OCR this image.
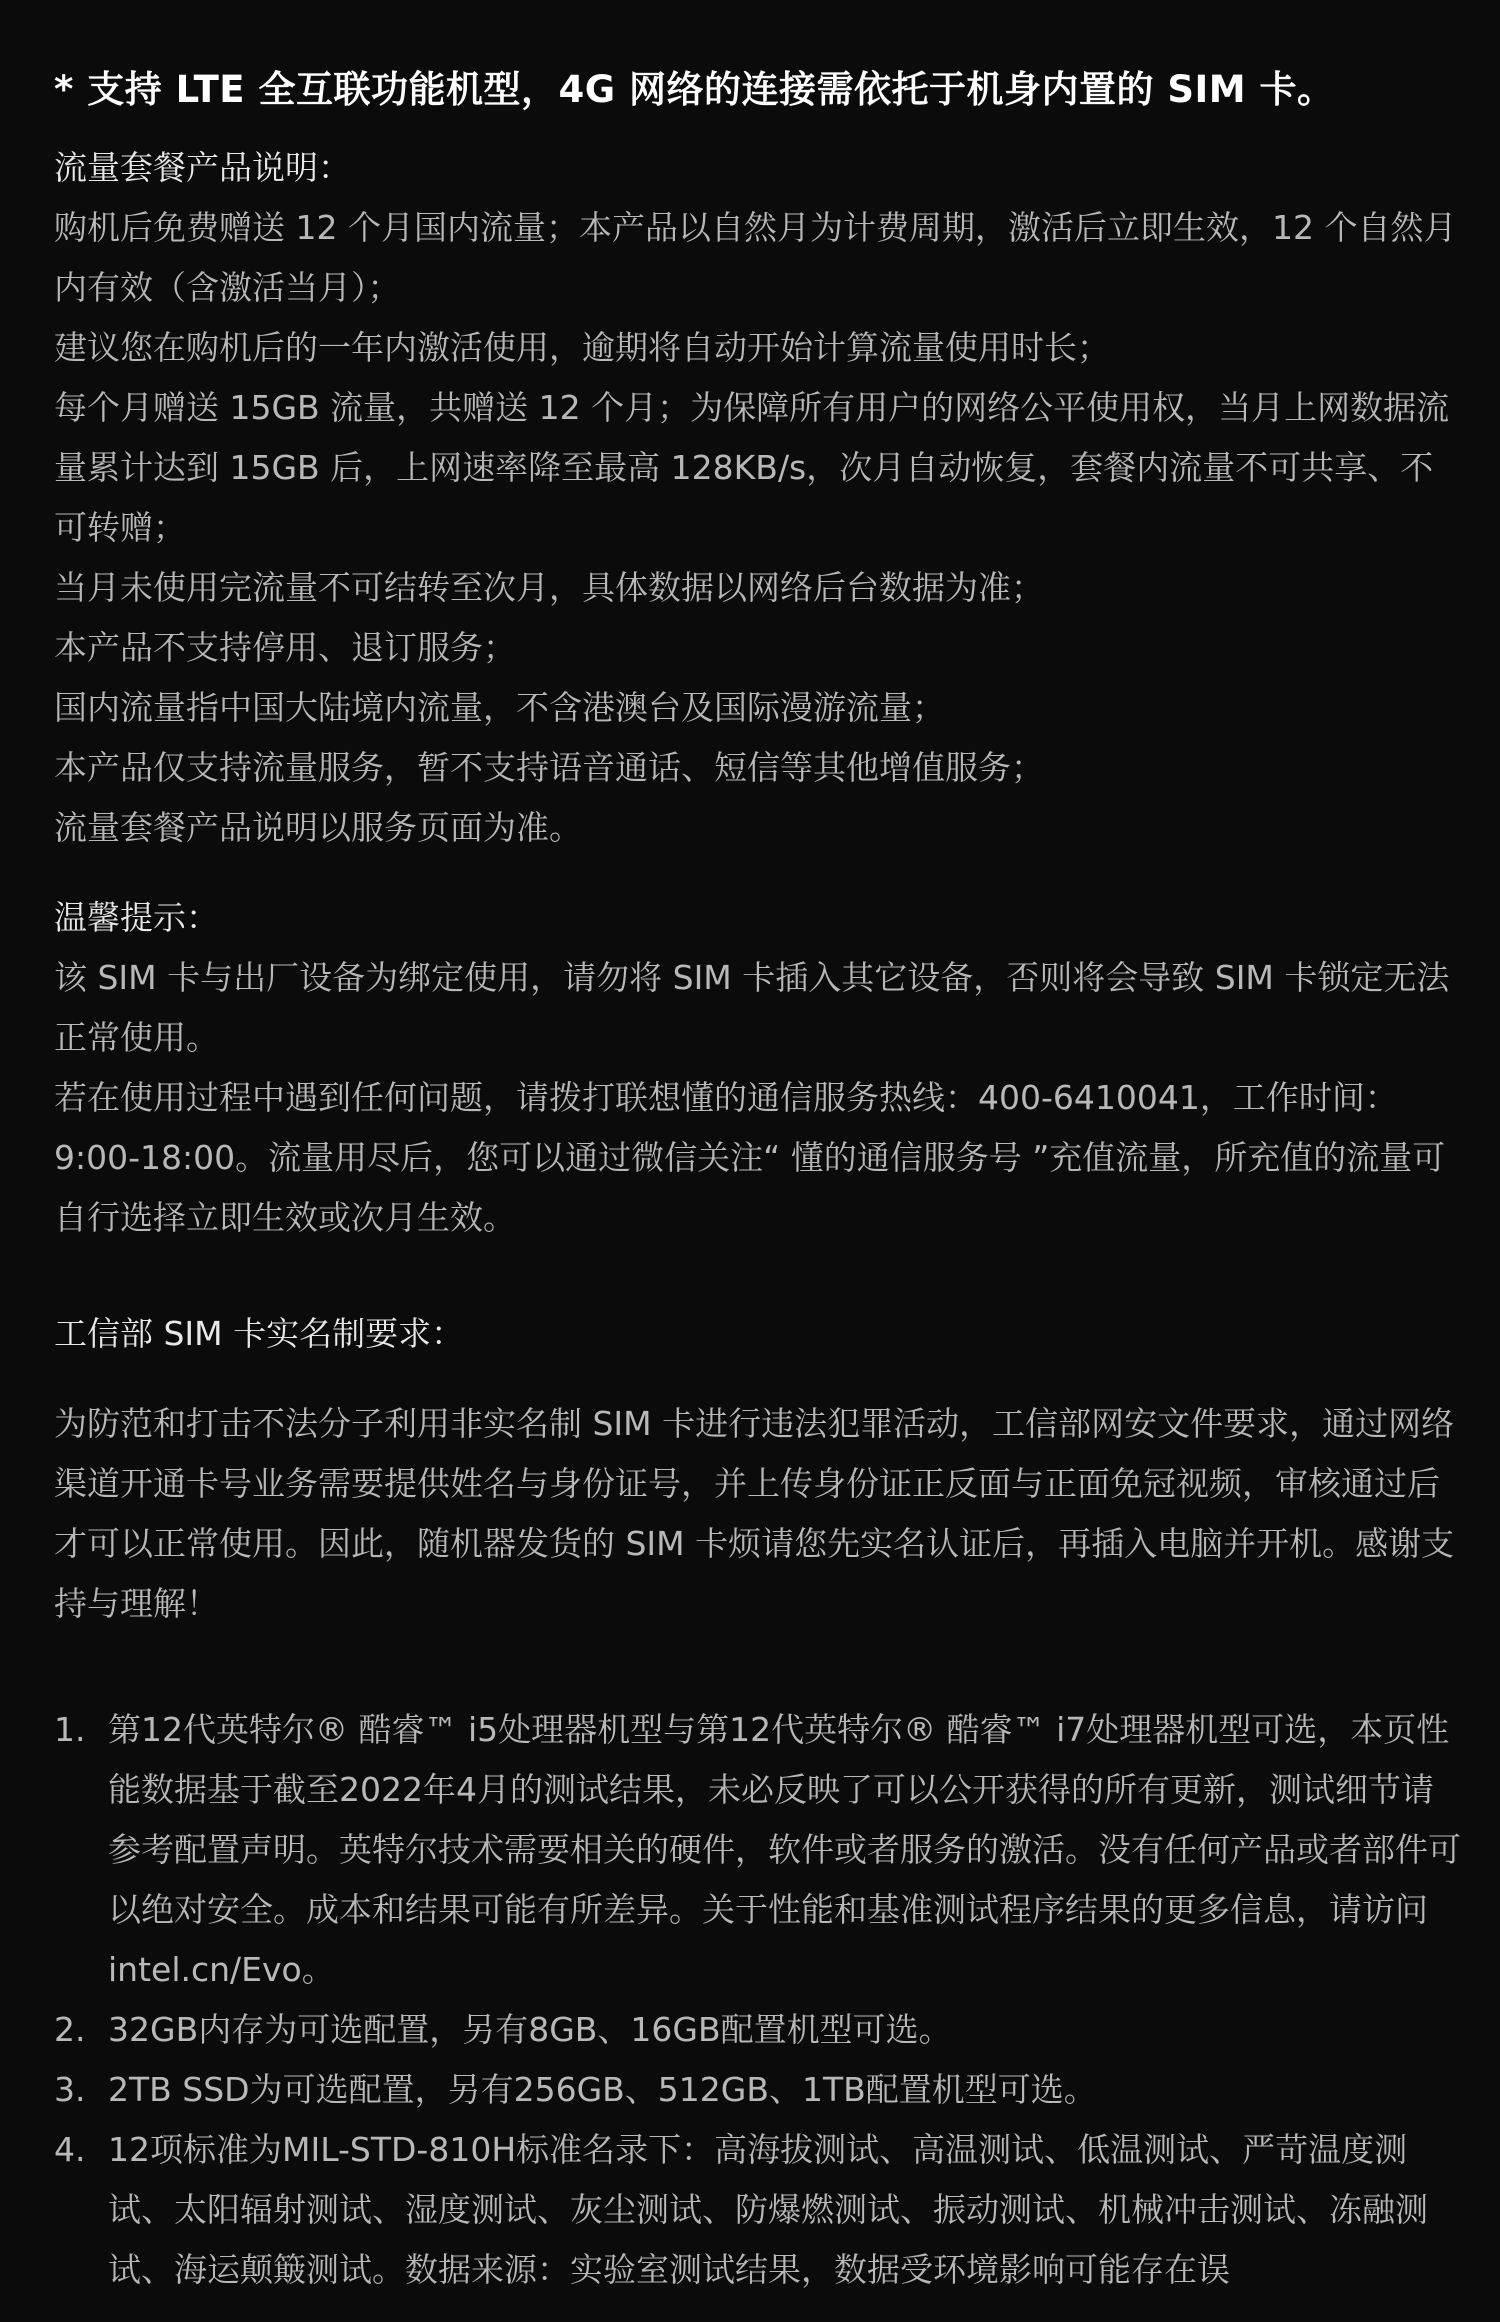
* 支持 LTE 全互联功能机型，4G 网络的连接需依托于机身内置的 SIM 卡。

流量套餐产品说明：

购机后免费赠送 12 个月国内流量；本产品以自然月为计费周期，激活后立即生效，12 个自然月内有效（含激活当月）；

建议您在购机后的一年内激活使用，逾期将自动开始计算流量使用时长；

每个月赠送 15GB 流量，共赠送 12 个月；为保障所有用户的网络公平使用权，当月上网数据流量累计达到 15GB 后，上网速率降至最高 128KB/s，次月自动恢复，套餐内流量不可共享、不可转赠；

当月未使用完流量不可结转至次月，具体数据以网络后台数据为准；

本产品不支持停用、退订服务；

国内流量指中国大陆境内流量，不含港澳台及国际漫游流量；

本产品仅支持流量服务，暂不支持语音通话、短信等其他增值服务；

流量套餐产品说明以服务页面为准。

温馨提示：

该 SIM 卡与出厂设备为绑定使用，请勿将 SIM 卡插入其它设备，否则将会导致 SIM 卡锁定无法正常使用。

若在使用过程中遇到任何问题，请拨打联想懂的通信服务热线：400-6410041，工作时间：9:00-18:00。流量用尽后，您可以通过微信关注“ 懂的通信服务号 ”充值流量，所充值的流量可自行选择立即生效或次月生效。

工信部 SIM 卡实名制要求：

为防范和打击不法分子利用非实名制 SIM 卡进行违法犯罪活动，工信部网安文件要求，通过网络渠道开通卡号业务需要提供姓名与身份证号，并上传身份证正反面与正面免冠视频，审核通过后才可以正常使用。因此，随机器发货的 SIM 卡烦请您先实名认证后，再插入电脑并开机。感谢支持与理解！

1. 第12代英特尔® 酷睿™ i5处理器机型与第12代英特尔® 酷睿™ i7处理器机型可选，本页性能数据基于截至2022年4月的测试结果，未必反映了可以公开获得的所有更新，测试细节请参考配置声明。英特尔技术需要相关的硬件，软件或者服务的激活。没有任何产品或者部件可以绝对安全。成本和结果可能有所差异。关于性能和基准测试程序结果的更多信息，请访问intel.cn/Evo。
2. 32GB内存为可选配置，另有8GB、16GB配置机型可选。
3. 2TB SSD为可选配置，另有256GB、512GB、1TB配置机型可选。
4. 12项标准为MIL-STD-810H标准名录下：高海拔测试、高温测试、低温测试、严苛温度测试、太阳辐射测试、湿度测试、灰尘测试、防爆燃测试、振动测试、机械冲击测试、冻融测试、海运颠簸测试。数据来源：实验室测试结果，数据受环境影响可能存在误
